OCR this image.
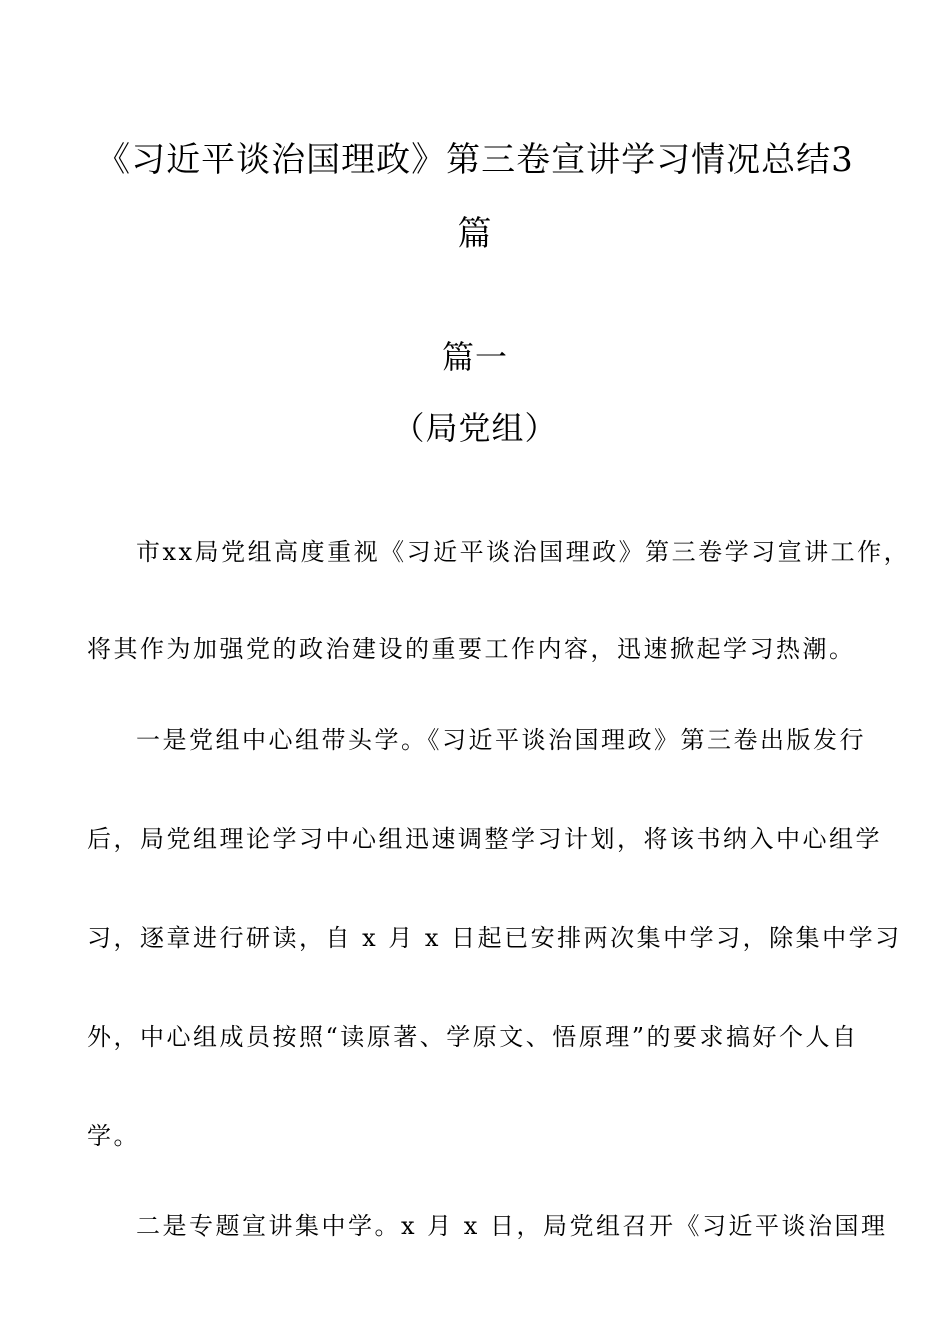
《习近平谈治国理政》第三卷宣讲学习情况总结3
篇
篇一
（局党组）
市xx局党组高度重视《习近平谈治国理政》第三卷学习宣讲工作，
将其作为加强党的政治建设的重要工作内容，迅速掀起学习热潮。
一是党组中心组带头学。《习近平谈治国理政》第三卷出版发行
后，局党组理论学习中心组迅速调整学习计划，将该书纳入中心组学
习，逐章进行研读，自 x 月 x 日起已安排两次集中学习，除集中学习
外，中心组成员按照“读原著、学原文、悟原理”的要求搞好个人自
学。
二是专题宣讲集中学。x 月 x 日，局党组召开《习近平谈治国理
